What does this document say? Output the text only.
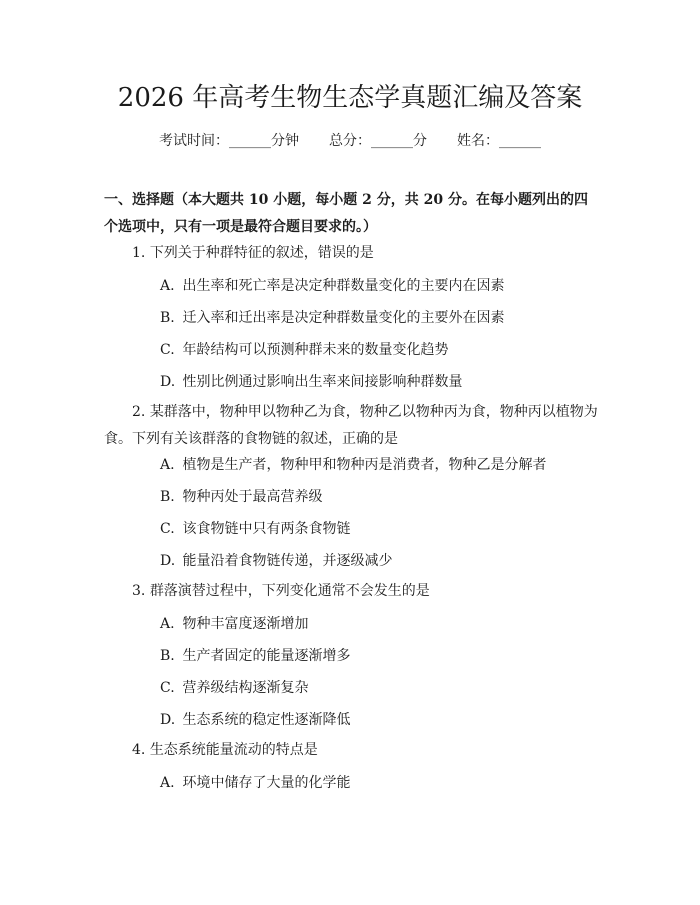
2026 年高考生物生态学真题汇编及答案
考试时间：______分钟 总分：______分 姓名：______
一、选择题（本大题共 10 小题，每小题 2 分，共 20 分。在每小题列出的四个选项中，只有一项是最符合题目要求的。）
1. 下列关于种群特征的叙述，错误的是
A. 出生率和死亡率是决定种群数量变化的主要内在因素
B. 迁入率和迁出率是决定种群数量变化的主要外在因素
C. 年龄结构可以预测种群未来的数量变化趋势
D. 性别比例通过影响出生率来间接影响种群数量
2. 某群落中，物种甲以物种乙为食，物种乙以物种丙为食，物种丙以植物为食。下列有关该群落的食物链的叙述，正确的是
A. 植物是生产者，物种甲和物种丙是消费者，物种乙是分解者
B. 物种丙处于最高营养级
C. 该食物链中只有两条食物链
D. 能量沿着食物链传递，并逐级减少
3. 群落演替过程中，下列变化通常不会发生的是
A. 物种丰富度逐渐增加
B. 生产者固定的能量逐渐增多
C. 营养级结构逐渐复杂
D. 生态系统的稳定性逐渐降低
4. 生态系统能量流动的特点是
A. 环境中储存了大量的化学能
